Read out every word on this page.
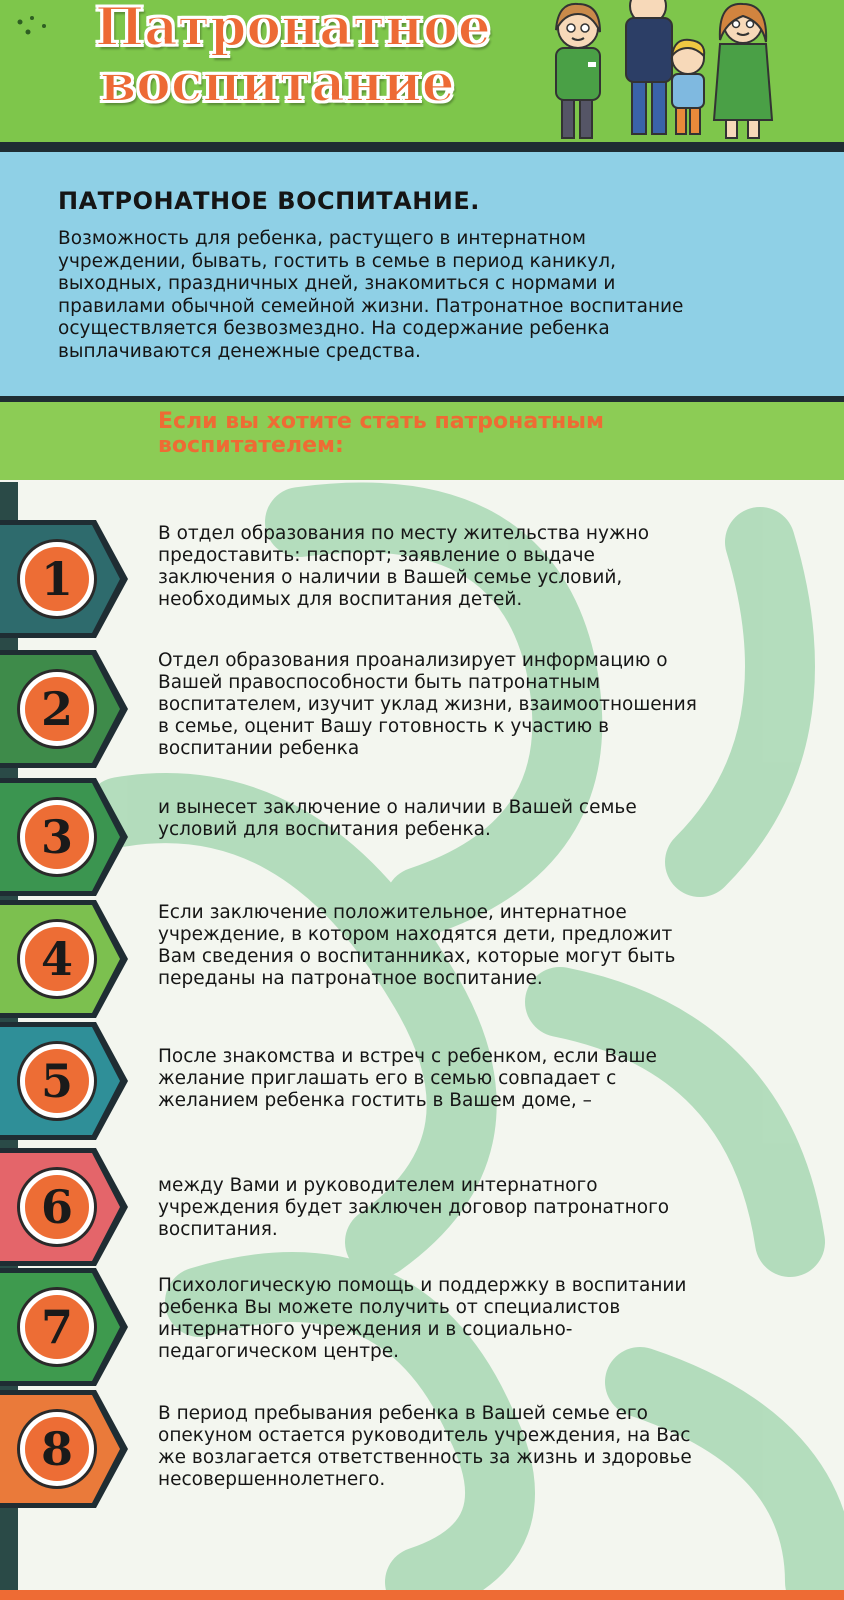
Патронатное
воспитание
ПАТРОНАТНОЕ ВОСПИТАНИЕ.
Возможность для ребенка, растущего в интернатном
учреждении, бывать, гостить в семье в период каникул,
выходных, праздничных дней, знакомиться с нормами и
правилами обычной семейной жизни. Патронатное воспитание
осуществляется безвозмездно. На содержание ребенка
выплачиваются денежные средства.
Если вы хотите стать патронатным
воспитателем:
1
В отдел образования по месту жительства нужно
предоставить: паспорт; заявление о выдаче
заключения о наличии в Вашей семье условий,
необходимых для воспитания детей.
2
Отдел образования проанализирует информацию о
Вашей правоспособности быть патронатным
воспитателем, изучит уклад жизни, взаимоотношения
в семье, оценит Вашу готовность к участию в
воспитании ребенка
3
и вынесет заключение о наличии в Вашей семье
условий для воспитания ребенка.
4
Если заключение положительное, интернатное
учреждение, в котором находятся дети, предложит
Вам сведения о воспитанниках, которые могут быть
переданы на патронатное воспитание.
5	После знакомства и встреч с ребенком, если Ваше
желание приглашать его в семью совпадает с
желанием ребенка гостить в Вашем доме, –
6	между Вами и руководителем интернатного
учреждения будет заключен договор патронатного
воспитания.
7
Психологическую помощь и поддержку в воспитании
ребенка Вы можете получить от специалистов
интернатного учреждения и в социально-
педагогическом центре.
8
В период пребывания ребенка в Вашей семье его
опекуном остается руководитель учреждения, на Вас
же возлагается ответственность за жизнь и здоровье
несовершеннолетнего.
